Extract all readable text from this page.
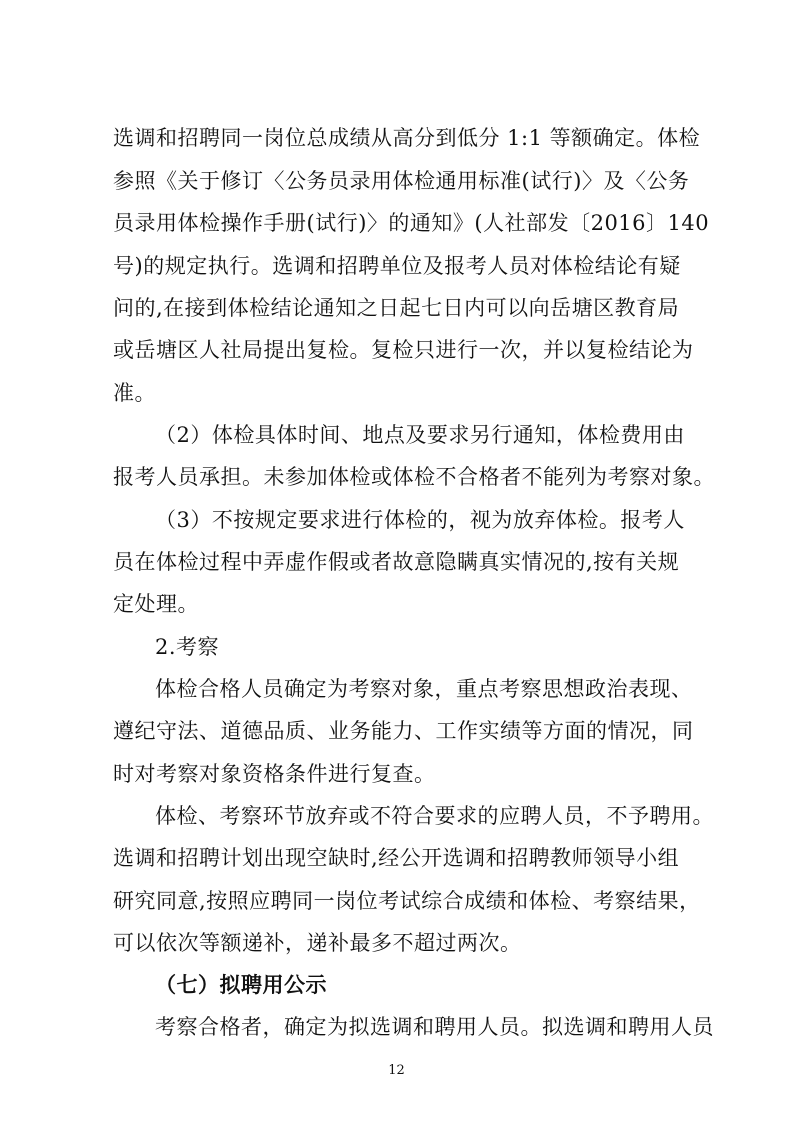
选调和招聘同一岗位总成绩从高分到低分 1:1 等额确定。体检
参照《关于修订〈公务员录用体检通用标准(试行)〉及〈公务
员录用体检操作手册(试行)〉的通知》(人社部发〔2016〕140
号)的规定执行。选调和招聘单位及报考人员对体检结论有疑
问的,在接到体检结论通知之日起七日内可以向岳塘区教育局
或岳塘区人社局提出复检。复检只进行一次，并以复检结论为
准。
（2）体检具体时间、地点及要求另行通知，体检费用由
报考人员承担。未参加体检或体检不合格者不能列为考察对象。
（3）不按规定要求进行体检的，视为放弃体检。报考人
员在体检过程中弄虚作假或者故意隐瞒真实情况的,按有关规
定处理。
2.考察
体检合格人员确定为考察对象，重点考察思想政治表现、
遵纪守法、道德品质、业务能力、工作实绩等方面的情况，同
时对考察对象资格条件进行复查。
体检、考察环节放弃或不符合要求的应聘人员，不予聘用。
选调和招聘计划出现空缺时,经公开选调和招聘教师领导小组
研究同意,按照应聘同一岗位考试综合成绩和体检、考察结果，
可以依次等额递补，递补最多不超过两次。
（七）拟聘用公示
考察合格者，确定为拟选调和聘用人员。拟选调和聘用人员
12
